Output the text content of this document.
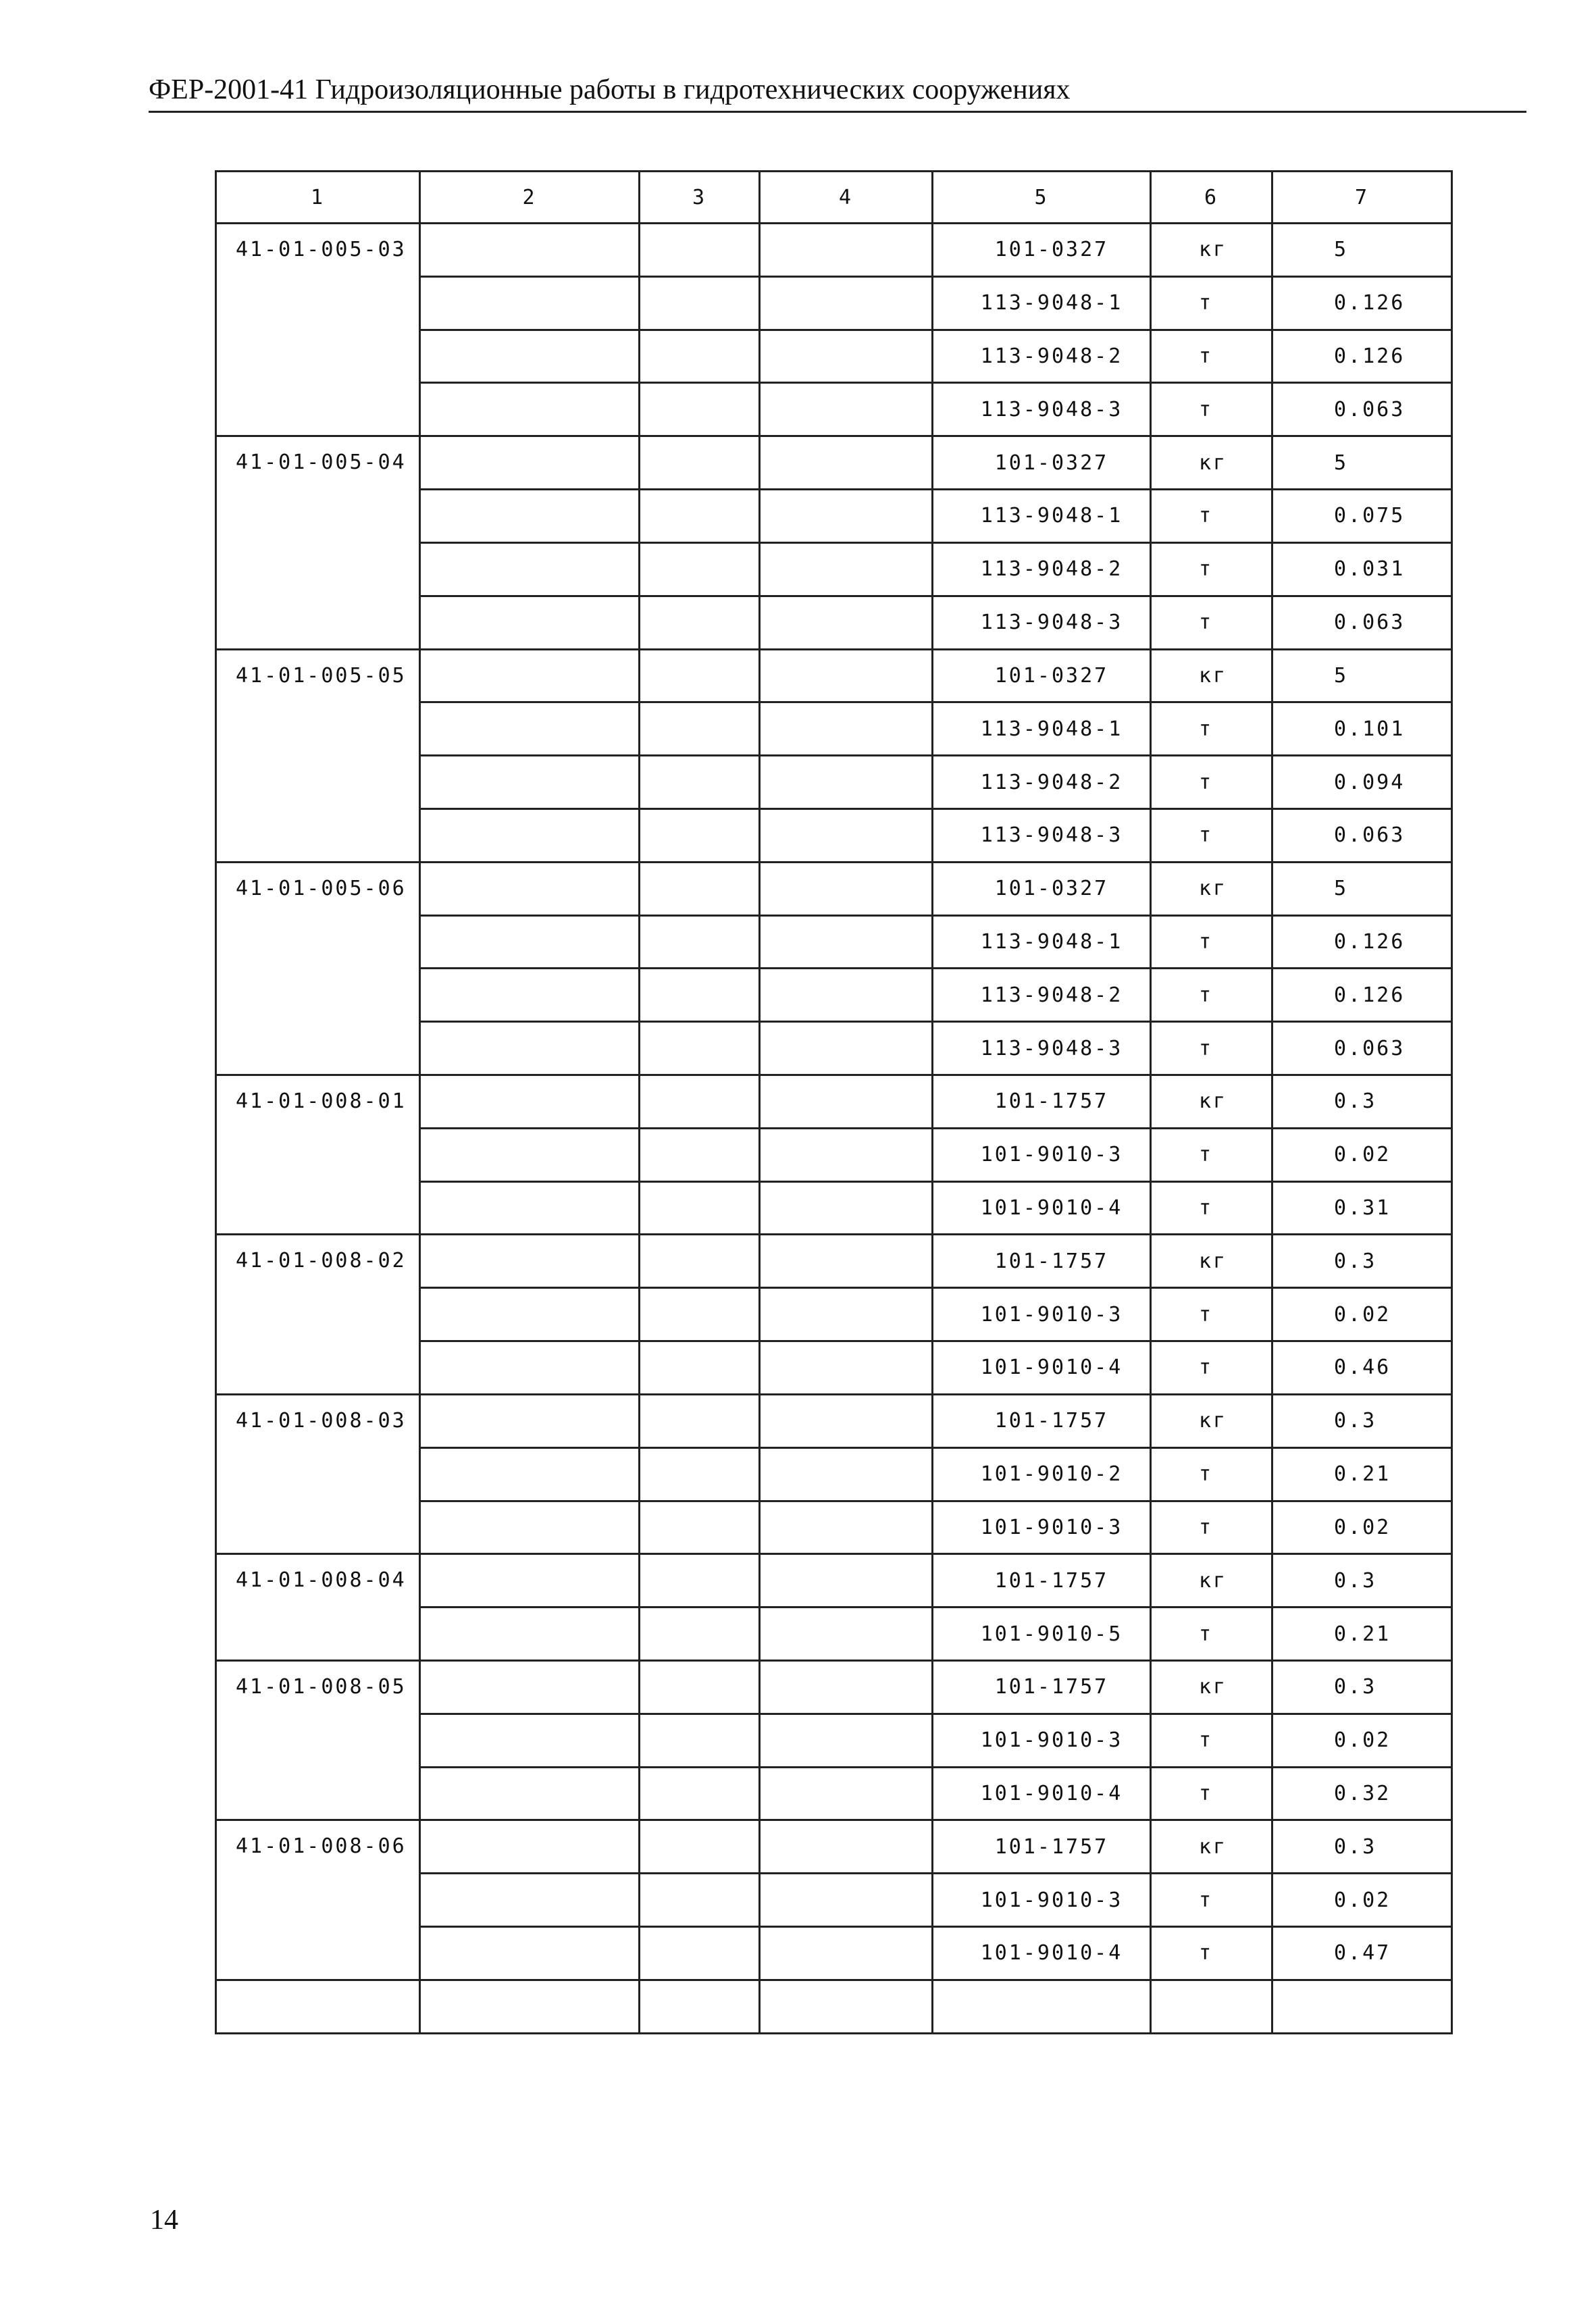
ФЕР-2001-41 Гидроизоляционные работы в гидротехнических сооружениях
1	2	3	4	5	6	7
41-01-005-03				101-0327	кг	5
				113-9048-1	т	0.126
				113-9048-2	т	0.126
				113-9048-3	т	0.063
41-01-005-04				101-0327	кг	5
				113-9048-1	т	0.075
				113-9048-2	т	0.031
				113-9048-3	т	0.063
41-01-005-05				101-0327	кг	5
				113-9048-1	т	0.101
				113-9048-2	т	0.094
				113-9048-3	т	0.063
41-01-005-06				101-0327	кг	5
				113-9048-1	т	0.126
				113-9048-2	т	0.126
				113-9048-3	т	0.063
41-01-008-01				101-1757	кг	0.3
				101-9010-3	т	0.02
				101-9010-4	т	0.31
41-01-008-02				101-1757	кг	0.3
				101-9010-3	т	0.02
				101-9010-4	т	0.46
41-01-008-03				101-1757	кг	0.3
				101-9010-2	т	0.21
				101-9010-3	т	0.02
41-01-008-04				101-1757	кг	0.3
				101-9010-5	т	0.21
41-01-008-05				101-1757	кг	0.3
				101-9010-3	т	0.02
				101-9010-4	т	0.32
41-01-008-06				101-1757	кг	0.3
				101-9010-3	т	0.02
				101-9010-4	т	0.47

14
